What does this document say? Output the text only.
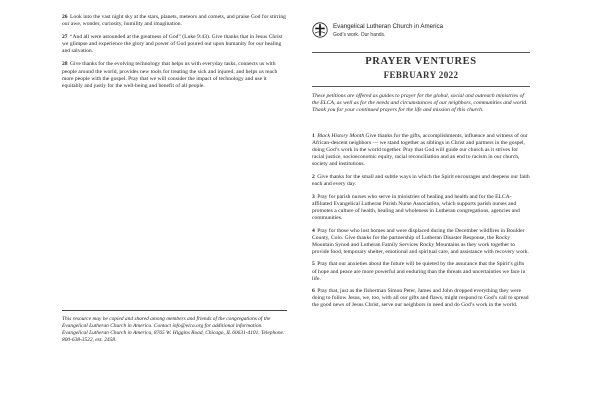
26 Look into the vast night sky at the stars, planets, meteors and comets, and praise God for stirring our awe, wonder, curiosity, humility and imagination.

27 “And all were astounded at the greatness of God” (Luke 9:43). Give thanks that in Jesus Christ we glimpse and experience the glory and power of God poured out upon humanity for our healing and salvation.

28 Give thanks for the evolving technology that helps us with everyday tasks, connects us with people around the world, provides new tools for treating the sick and injured, and helps us reach more people with the gospel. Pray that we will consider the impact of technology and use it equitably and justly for the well-being and benefit of all people.

This resource may be copied and shared among members and friends of the congregations of the Evangelical Lutheran Church in America. Contact info@elca.org for additional information. Evangelical Lutheran Church in America, 8765 W. Higgins Road, Chicago, IL 60631-4101. Telephone: 800-638-3522, ext. 2458.

Evangelical Lutheran Church in America
God’s work. Our hands.
PRAYER VENTURES
FEBRUARY 2022

These petitions are offered as guides to prayer for the global, social and outreach ministries of the ELCA, as well as for the needs and circumstances of our neighbors, communities and world. Thank you for your continued prayers for the life and mission of this church.

1 Black History Month Give thanks for the gifts, accomplishments, influence and witness of our African-descent neighbors — we stand together as siblings in Christ and partners in the gospel, doing God’s work in the world together. Pray that God will guide our church as it strives for racial justice, socioeconomic equity, racial reconciliation and an end to racism in our church, society and institutions.

2 Give thanks for the small and subtle ways in which the Spirit encourages and deepens our faith each and every day.

3 Pray for parish nurses who serve in ministries of healing and health and for the ELCA-affiliated Evangelical Lutheran Parish Nurse Association, which supports parish nurses and promotes a culture of health, healing and wholeness in Lutheran congregations, agencies and communities.

4 Pray for those who lost homes and were displaced during the December wildfires in Boulder County, Colo. Give thanks for the partnership of Lutheran Disaster Response, the Rocky Mountain Synod and Lutheran Family Services Rocky Mountains as they work together to provide food, temporary shelter, emotional and spiritual care, and assistance with recovery work.

5 Pray that our anxieties about the future will be quieted by the assurance that the Spirit’s gifts of hope and peace are more powerful and enduring than the threats and uncertainties we face in life.

6 Pray that, just as the fisherman Simon Peter, James and John dropped everything they were doing to follow Jesus, we, too, with all our gifts and flaws, might respond to God’s call to spread the good news of Jesus Christ, serve our neighbors in need and do God’s work in the world.
